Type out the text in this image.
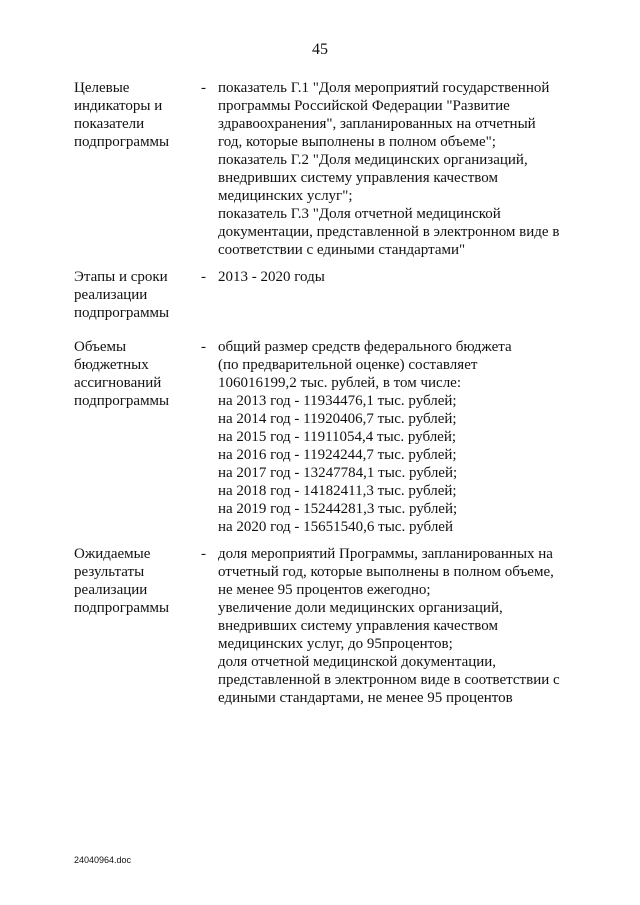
45
Целевые
индикаторы и
показатели
подпрограммы
- показатель Г.1 "Доля мероприятий государственной
программы Российской Федерации "Развитие
здравоохранения", запланированных на отчетный
год, которые выполнены в полном объеме";
показатель Г.2 "Доля медицинских организаций,
внедривших систему управления качеством
медицинских услуг";
показатель Г.3 "Доля отчетной медицинской
документации, представленной в электронном виде в
соответствии с едиными стандартами"
Этапы и сроки
реализации
подпрограммы
- 2013 - 2020 годы
Объемы
бюджетных
ассигнований
подпрограммы
- общий размер средств федерального бюджета
(по предварительной оценке) составляет
106016199,2 тыс. рублей, в том числе:
на 2013 год - 11934476,1 тыс. рублей;
на 2014 год - 11920406,7 тыс. рублей;
на 2015 год - 11911054,4 тыс. рублей;
на 2016 год - 11924244,7 тыс. рублей;
на 2017 год - 13247784,1 тыс. рублей;
на 2018 год - 14182411,3 тыс. рублей;
на 2019 год - 15244281,3 тыс. рублей;
на 2020 год - 15651540,6 тыс. рублей
Ожидаемые
результаты
реализации
подпрограммы
- доля мероприятий Программы, запланированных на
отчетный год, которые выполнены в полном объеме,
не менее 95 процентов ежегодно;
увеличение доли медицинских организаций,
внедривших систему управления качеством
медицинских услуг, до 95процентов;
доля отчетной медицинской документации,
представленной в электронном виде в соответствии с
едиными стандартами, не менее 95 процентов
24040964.doc
